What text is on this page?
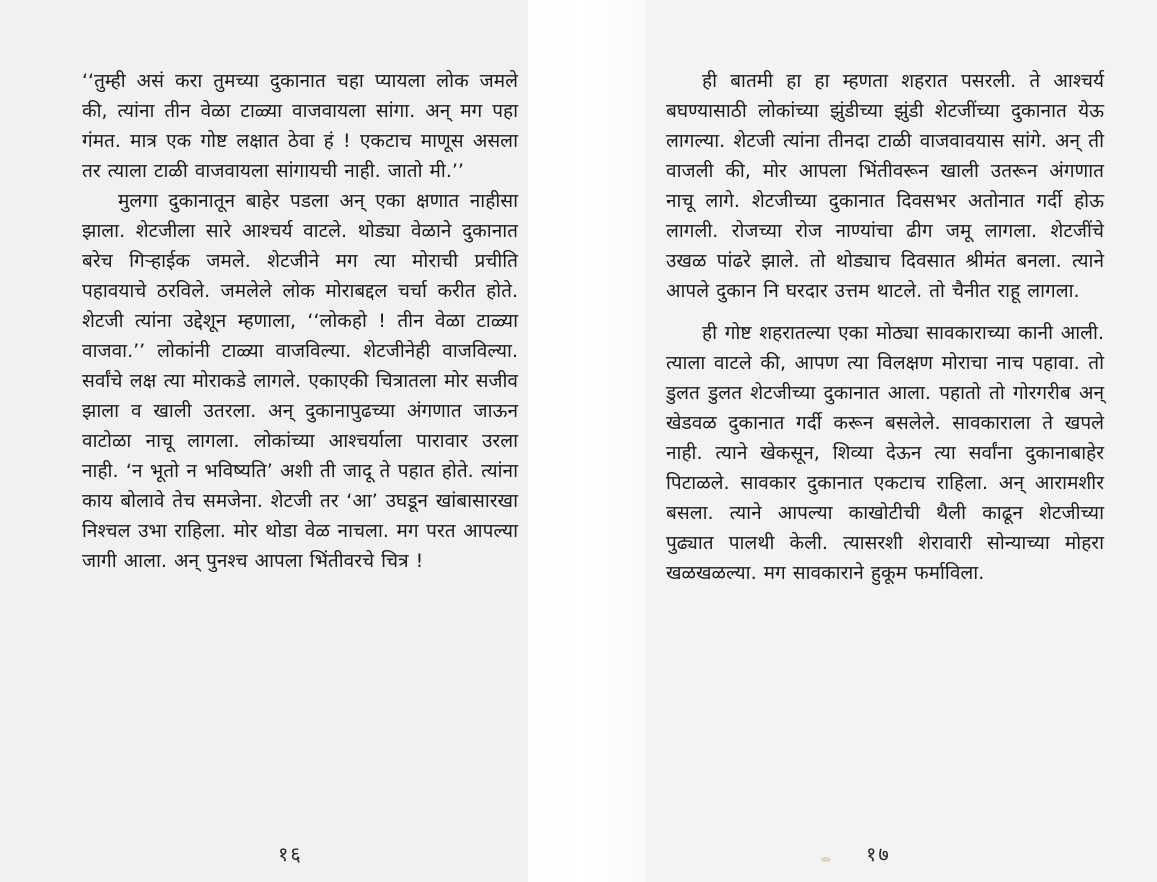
‘‘तुम्ही असं करा तुमच्या दुकानात चहा प्यायला लोक जमले की, त्यांना तीन वेळा टाळ्या वाजवायला सांगा. अन्‌ मग पहा गंमत. मात्र एक गोष्ट लक्षात ठेवा हं ! एकटाच माणूस असला तर त्याला टाळी वाजवायला सांगायची नाही. जातो मी.’’

मुलगा दुकानातून बाहेर पडला अन्‌ एका क्षणात नाहीसा झाला. शेटजीला सारे आश्चर्य वाटले. थोड्या वेळाने दुकानात बरेच गिऱ्हाईक जमले. शेटजीने मग त्या मोराची प्रचीति पहावयाचे ठरविले. जमलेले लोक मोराबद्दल चर्चा करीत होते. शेटजी त्यांना उद्देशून म्हणाला, ‘‘लोकहो ! तीन वेळा टाळ्या वाजवा.’’ लोकांनी टाळ्या वाजविल्या. शेटजीनेही वाजविल्या. सर्वांचे लक्ष त्या मोराकडे लागले. एकाएकी चित्रातला मोर सजीव झाला व खाली उतरला. अन्‌ दुकानापुढच्या अंगणात जाऊन वाटोळा नाचू लागला. लोकांच्या आश्चर्याला पारावार उरला नाही. ‘न भूतो न भविष्यति’ अशी ती जादू ते पहात होते. त्यांना काय बोलावे तेच समजेना. शेटजी तर ‘आ’ उघडून खांबासारखा निश्चल उभा राहिला. मोर थोडा वेळ नाचला. मग परत आपल्या जागी आला. अन्‌ पुनश्च आपला भिंतीवरचे चित्र !

१६

ही बातमी हा हा म्हणता शहरात पसरली. ते आश्चर्य बघण्यासाठी लोकांच्या झुंडीच्या झुंडी शेटजींच्या दुकानात येऊ लागल्या. शेटजी त्यांना तीनदा टाळी वाजवावयास सांगे. अन्‌ ती वाजली की, मोर आपला भिंतीवरून खाली उतरून अंगणात नाचू लागे. शेटजीच्या दुकानात दिवसभर अतोनात गर्दी होऊ लागली. रोजच्या रोज नाण्यांचा ढीग जमू लागला. शेटजींचे उखळ पांढरे झाले. तो थोड्याच दिवसात श्रीमंत बनला. त्याने आपले दुकान नि घरदार उत्तम थाटले. तो चैनीत राहू लागला.

ही गोष्ट शहरातल्या एका मोठ्या सावकाराच्या कानी आली. त्याला वाटले की, आपण त्या विलक्षण मोराचा नाच पहावा. तो डुलत डुलत शेटजीच्या दुकानात आला. पहातो तो गोरगरीब अन्‌ खेडवळ दुकानात गर्दी करून बसलेले. सावकाराला ते खपले नाही. त्याने खेकसून, शिव्या देऊन त्या सर्वांना दुकानाबाहेर पिटाळले. सावकार दुकानात एकटाच राहिला. अन्‌ आरामशीर बसला. त्याने आपल्या काखोटीची थैली काढून शेटजीच्या पुढ्यात पालथी केली. त्यासरशी शेरावारी सोन्याच्या मोहरा खळखळल्या. मग सावकाराने हुकूम फर्माविला.

१७
